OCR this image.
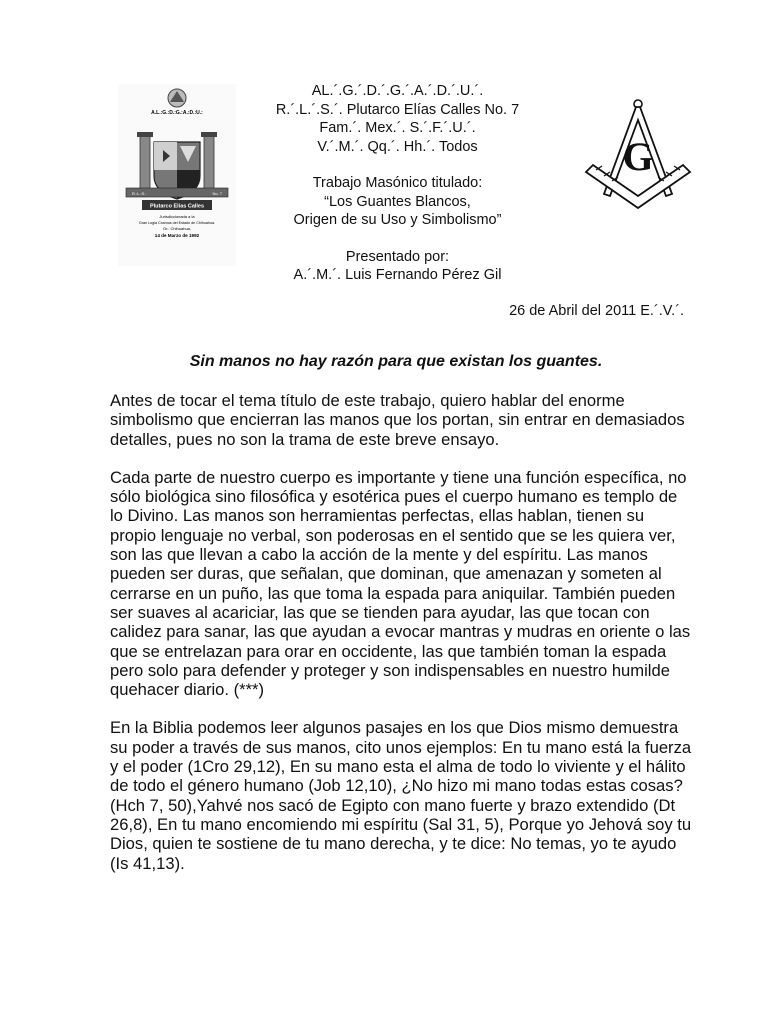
A.L.:G.:D.:G.:A.:D.:U.:
R.:L.:S.:	No. 7
Plutarco Elías Calles
Jurisdiccionada a la
Gran Logia Cosmos del Estado de Chihuahua.
Or.: Chihuahua,
14 de Marzo de 1992
G
AL.´.G.´.D.´.G.´.A.´.D.´.U.´.
R.´.L.´.S.´. Plutarco Elías Calles No. 7
Fam.´. Mex.´. S.´.F.´.U.´.
V.´.M.´. Qq.´. Hh.´. Todos
Trabajo Masónico titulado:
“Los Guantes Blancos,
Origen de su Uso y Simbolismo”
Presentado por:
A.´.M.´. Luis Fernando Pérez Gil
26 de Abril del 2011 E.´.V.´.
Sin manos no hay razón para que existan los guantes.

Antes de tocar el tema título de este trabajo, quiero hablar del enorme simbolismo que encierran las manos que los portan, sin entrar en demasiados detalles, pues no son la trama de este breve ensayo.

Cada parte de nuestro cuerpo es importante y tiene una función específica, no sólo biológica sino filosófica y esotérica pues el cuerpo humano es templo de lo Divino. Las manos son herramientas perfectas, ellas hablan, tienen su propio lenguaje no verbal, son poderosas en el sentido que se les quiera ver, son las que llevan a cabo la acción de la mente y del espíritu. Las manos pueden ser duras, que señalan, que dominan, que amenazan y someten al cerrarse en un puño, las que toma la espada para aniquilar. También pueden ser suaves al acariciar, las que se tienden para ayudar, las que tocan con calidez para sanar, las que ayudan a evocar mantras y mudras en oriente o las que se entrelazan para orar en occidente, las que también toman la espada pero solo para defender y proteger y son indispensables en nuestro humilde quehacer diario. (***)

En la Biblia podemos leer algunos pasajes en los que Dios mismo demuestra su poder a través de sus manos, cito unos ejemplos: En tu mano está la fuerza y el poder (1Cro 29,12), En su mano esta el alma de todo lo viviente y el hálito de todo el género humano (Job 12,10), ¿No hizo mi mano todas estas cosas? (Hch 7, 50),Yahvé nos sacó de Egipto con mano fuerte y brazo extendido (Dt 26,8), En tu mano encomiendo mi espíritu (Sal 31, 5), Porque yo Jehová soy tu Dios, quien te sostiene de tu mano derecha, y te dice: No temas, yo te ayudo (Is 41,13).
